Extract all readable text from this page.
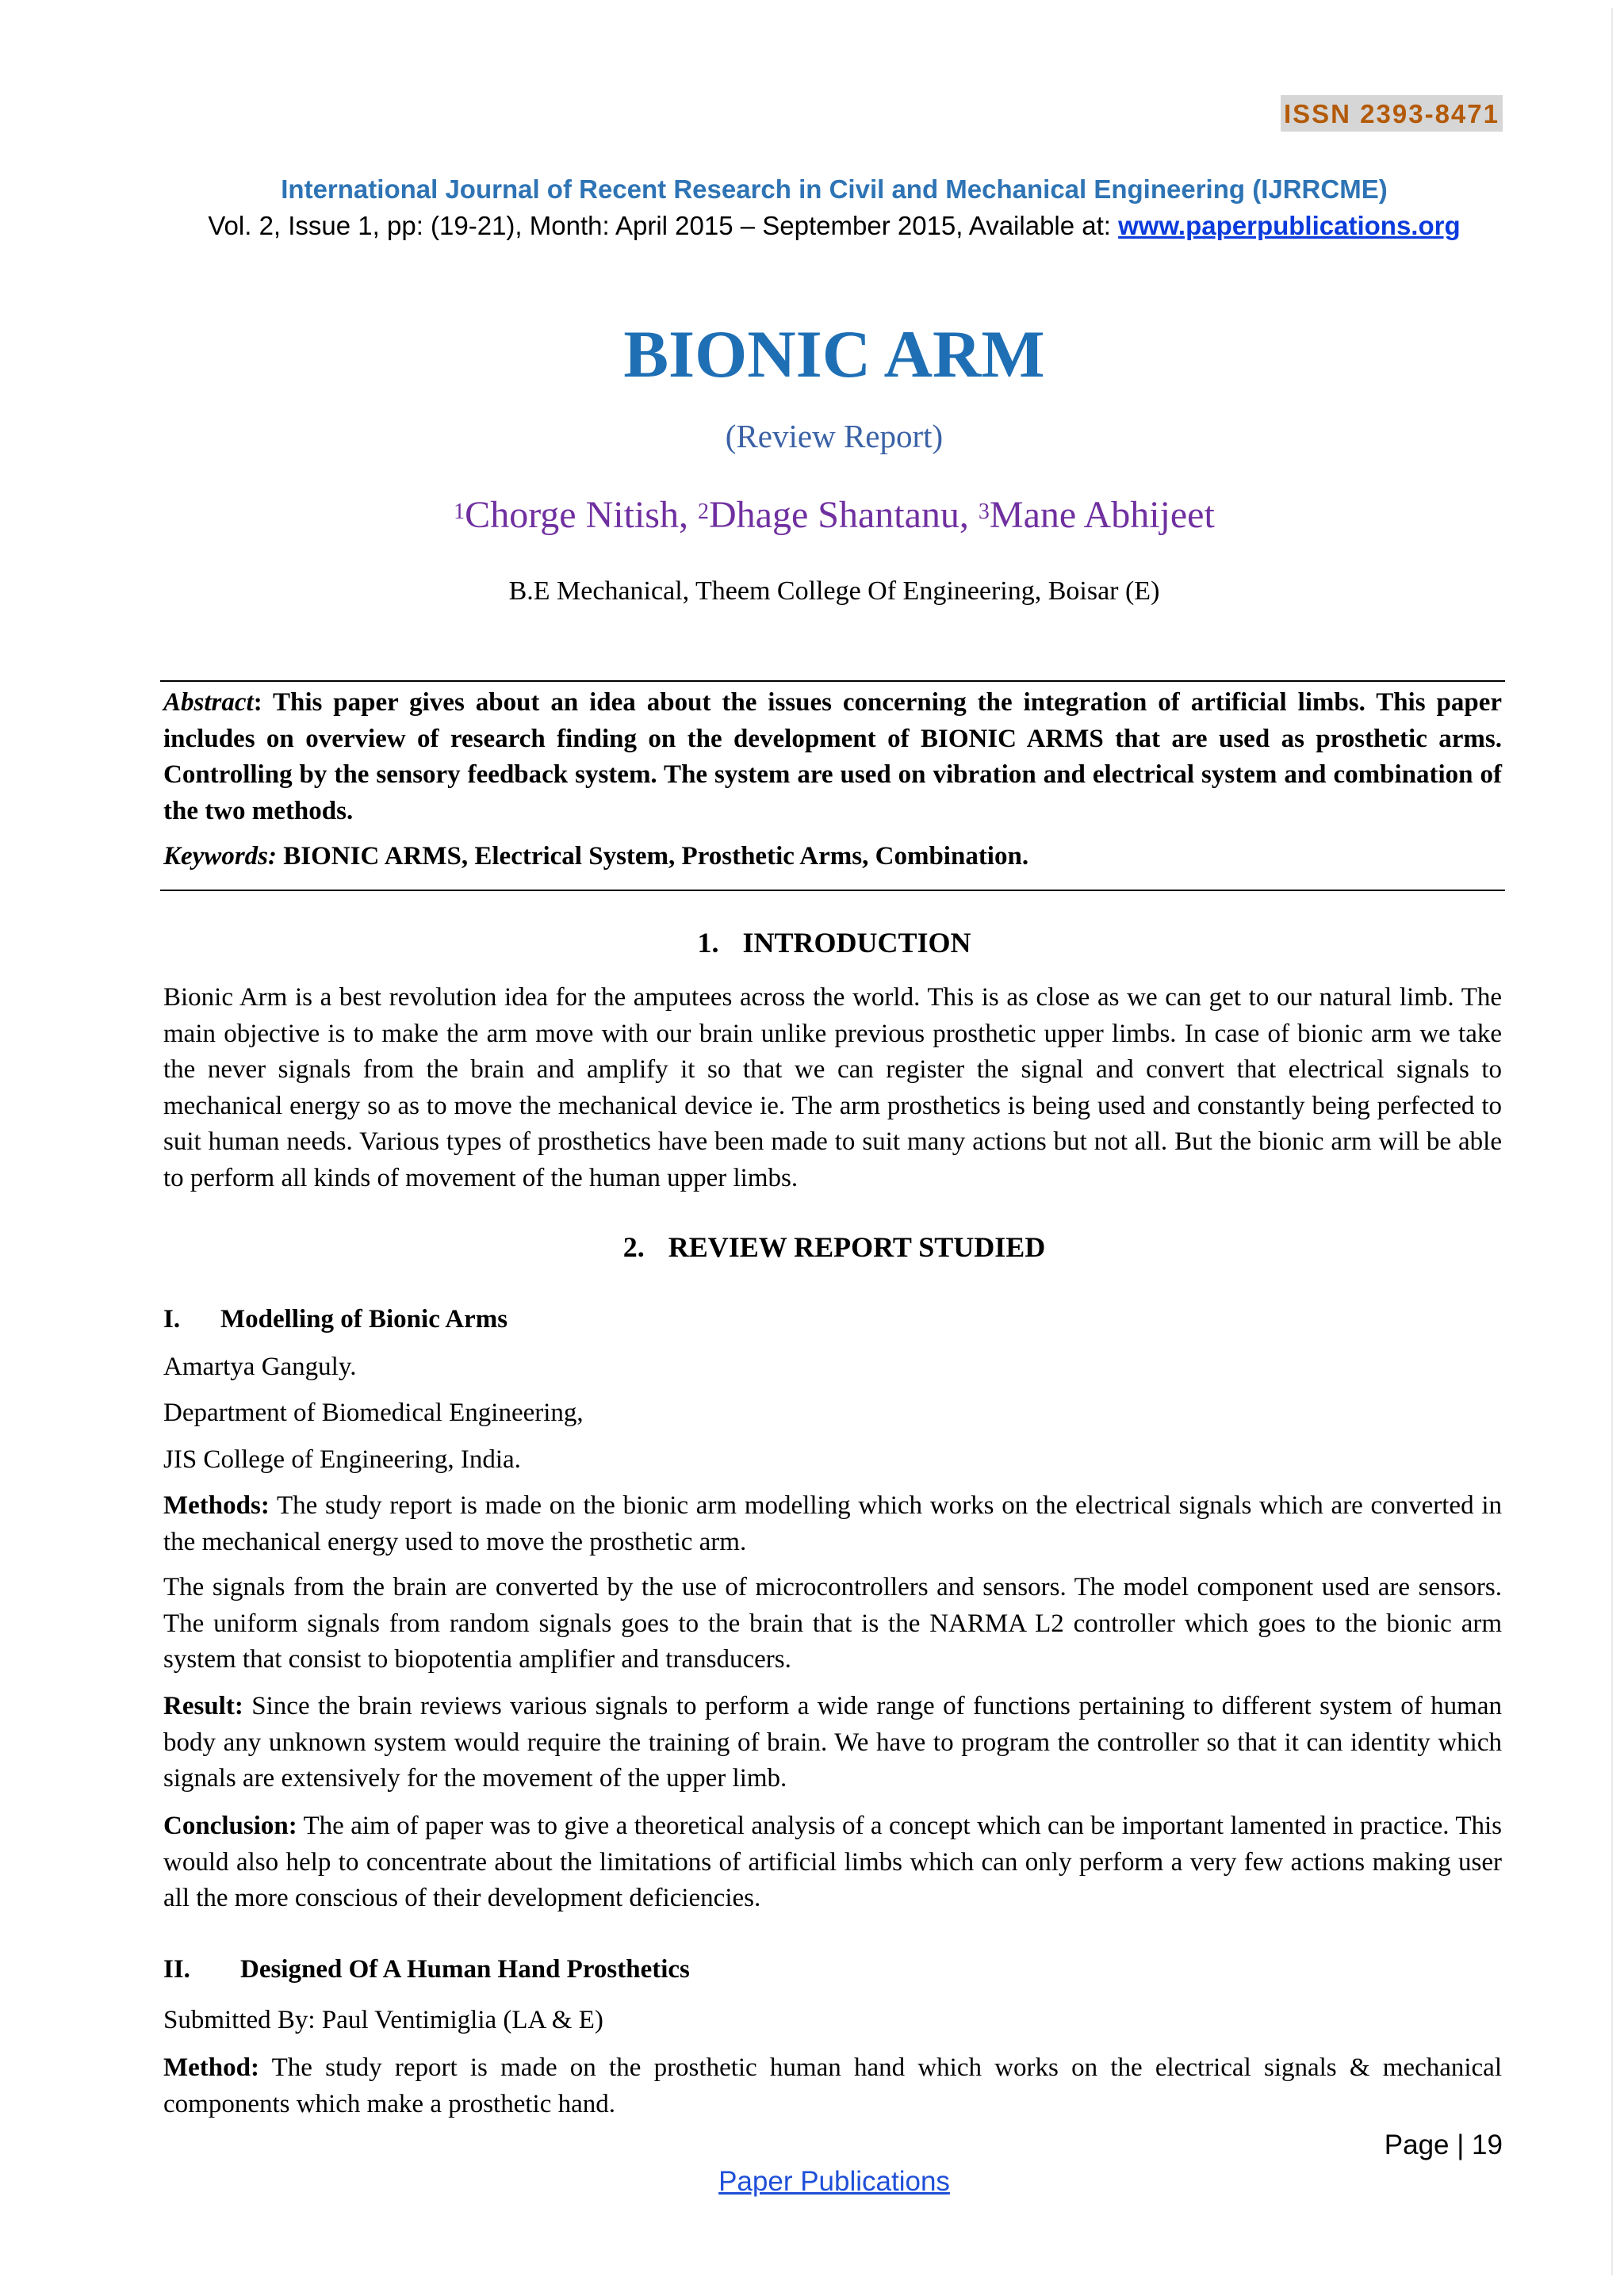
ISSN 2393-8471
International Journal of Recent Research in Civil and Mechanical Engineering (IJRRCME)
Vol. 2, Issue 1, pp: (19-21), Month: April 2015 – September 2015, Available at: www.paperpublications.org
BIONIC ARM
(Review Report)
$^1$Chorge Nitish, $^2$Dhage Shantanu, $^3$Mane Abhijeet
B.E Mechanical, Theem College Of Engineering, Boisar (E)
Abstract: This paper gives about an idea about the issues concerning the integration of artificial limbs. This paper includes on overview of research finding on the development of BIONIC ARMS that are used as prosthetic arms. Controlling by the sensory feedback system. The system are used on vibration and electrical system and combination of the two methods.
Keywords: BIONIC ARMS, Electrical System, Prosthetic Arms, Combination.
1. INTRODUCTION
Bionic Arm is a best revolution idea for the amputees across the world. This is as close as we can get to our natural limb. The main objective is to make the arm move with our brain unlike previous prosthetic upper limbs. In case of bionic arm we take the never signals from the brain and amplify it so that we can register the signal and convert that electrical signals to mechanical energy so as to move the mechanical device ie. The arm prosthetics is being used and constantly being perfected to suit human needs. Various types of prosthetics have been made to suit many actions but not all. But the bionic arm will be able to perform all kinds of movement of the human upper limbs.
2. REVIEW REPORT STUDIED
I. Modelling of Bionic Arms
Amartya Ganguly.
Department of Biomedical Engineering,
JIS College of Engineering, India.
Methods: The study report is made on the bionic arm modelling which works on the electrical signals which are converted in the mechanical energy used to move the prosthetic arm.
The signals from the brain are converted by the use of microcontrollers and sensors. The model component used are sensors. The uniform signals from random signals goes to the brain that is the NARMA L2 controller which goes to the bionic arm system that consist to biopotentia amplifier and transducers.
Result: Since the brain reviews various signals to perform a wide range of functions pertaining to different system of human body any unknown system would require the training of brain. We have to program the controller so that it can identity which signals are extensively for the movement of the upper limb.
Conclusion: The aim of paper was to give a theoretical analysis of a concept which can be important lamented in practice. This would also help to concentrate about the limitations of artificial limbs which can only perform a very few actions making user all the more conscious of their development deficiencies.
II. Designed Of A Human Hand Prosthetics
Submitted By: Paul Ventimiglia (LA & E)
Method: The study report is made on the prosthetic human hand which works on the electrical signals & mechanical components which make a prosthetic hand.
Page | 19
Paper Publications
